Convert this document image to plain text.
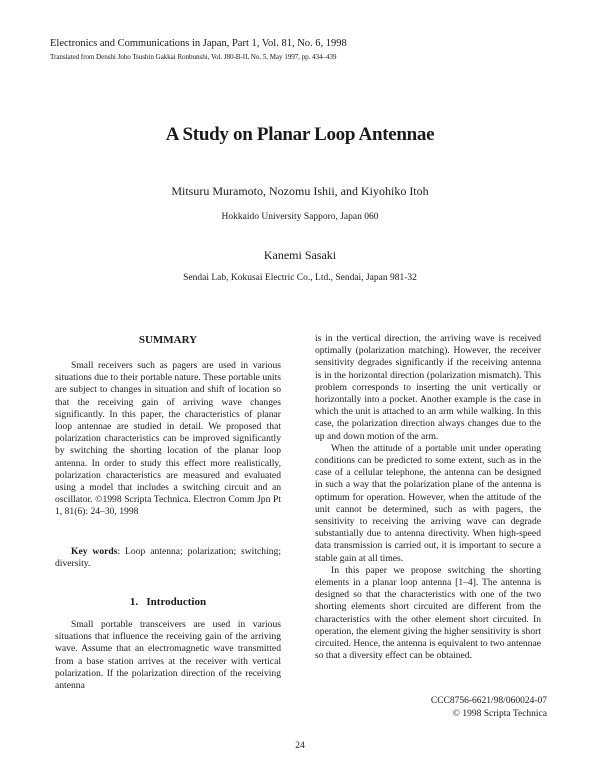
Electronics and Communications in Japan, Part 1, Vol. 81, No. 6, 1998
Translated from Denshi Joho Tsushin Gakkai Ronbunshi, Vol. J80-B-II, No. 5, May 1997, pp. 434–439
A Study on Planar Loop Antennae
Mitsuru Muramoto, Nozomu Ishii, and Kiyohiko Itoh
Hokkaido University Sapporo, Japan 060
Kanemi Sasaki
Sendai Lab, Kokusai Electric Co., Ltd., Sendai, Japan 981-32
SUMMARY

Small receivers such as pagers are used in various situations due to their portable nature. These portable units are subject to changes in situation and shift of location so that the receiving gain of arriving wave changes significantly. In this paper, the characteristics of planar loop antennae are studied in detail. We proposed that polarization characteristics can be improved significantly by switching the shorting location of the planar loop antenna. In order to study this effect more realistically, polarization characteristics are measured and evaluated using a model that includes a switching circuit and an oscillator. ©1998 Scripta Technica. Electron Comm Jpn Pt 1, 81(6): 24–30, 1998

Key words: Loop antenna; polarization; switching; diversity.
1.   Introduction

Small portable transceivers are used in various situations that influence the receiving gain of the arriving wave. Assume that an electromagnetic wave transmitted from a base station arrives at the receiver with vertical polarization. If the polarization direction of the receiving antenna

is in the vertical direction, the arriving wave is received optimally (polarization matching). However, the receiver sensitivity degrades significantly if the receiving antenna is in the horizontal direction (polarization mismatch). This problem corresponds to inserting the unit vertically or horizontally into a pocket. Another example is the case in which the unit is attached to an arm while walking. In this case, the polarization direction always changes due to the up and down motion of the arm.

When the attitude of a portable unit under operating conditions can be predicted to some extent, such as in the case of a cellular telephone, the antenna can be designed in such a way that the polarization plane of the antenna is optimum for operation. However, when the attitude of the unit cannot be determined, such as with pagers, the sensitivity to receiving the arriving wave can degrade substantially due to antenna directivity. When high-speed data transmission is carried out, it is important to secure a stable gain at all times.

In this paper we propose switching the shorting elements in a planar loop antenna [1–4]. The antenna is designed so that the characteristics with one of the two shorting elements short circuited are different from the characteristics with the other element short circuited. In operation, the element giving the higher sensitivity is short circuited. Hence, the antenna is equivalent to two antennae so that a diversity effect can be obtained.

CCC8756-6621/98/060024-07
© 1998 Scripta Technica
24
